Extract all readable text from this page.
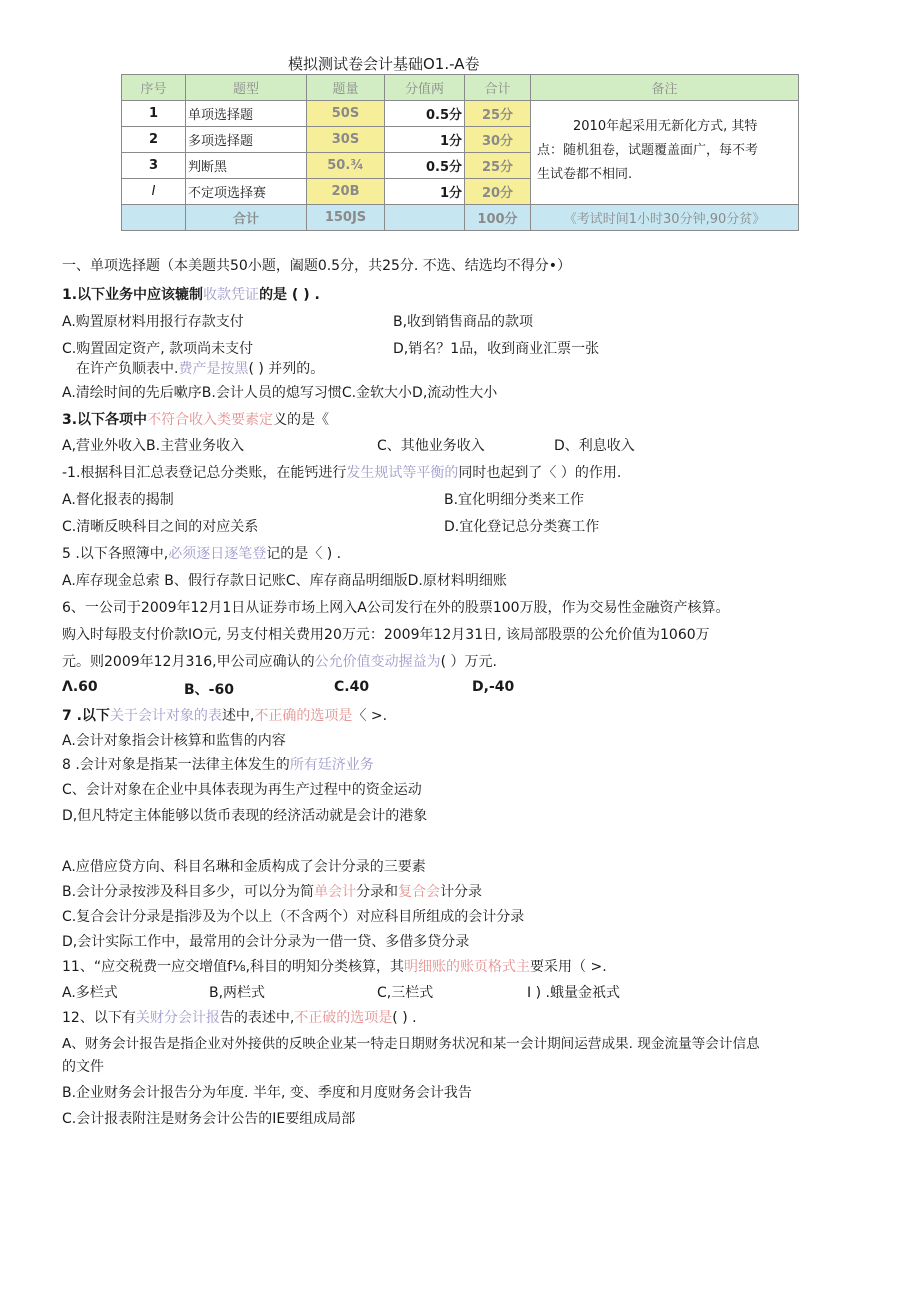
模拟测试卷会计基础O1.-A卷
序号	题型	题量	分值两	合计	备注
1	单项选择题	50S	0.5分	25分	2010年起采用无新化方式, 其特
点：随机狙卷，试题覆盖面广，每不考
生试卷都不相同.

2	多项选择题	30S	1分	30分	
3	判断黑	50.¾	0.5分	25分	
I	不定项选择赛	20B	1分	20分	
	合计	150JS		100分	《考试时间1小时30分钟,90分贫》
一、单项选择题（本美题共50小题，阖题0.5分，共25分. 不选、结选均不得分•）
1.以下业务中应该辘制收款凭证的是 ( ) .
A.购置原材料用报行存款支付	B,收到销售商品的款项
C.购置固定资产, 款项尚未支付	D,销名？1品，收到商业汇票一张
在许产负顺表中.费产是按黑( ) 并列的。
A.清绘时间的先后嗽序B.会计人员的熄写习惯C.金软大小D,流动性大小
3.以下各项中不符合收入类要素定义的是《
A,营业外收入B.主营业务收入	C、其他业务收入	D、利息收入
-1.根据科目汇总表登记总分类账，在能钙进行发生规试等平衡的同时也起到了〈 ）的作用.
A.督化报表的揭制	B.宜化明细分类来工作
C.清晰反映科目之间的对应关系	D.宜化登记总分类赛工作
5 .以下各照簿中,必须逐日逐笔登记的是〈 ) .
A.库存现金总索 B、假行存款日记账C、库存商品明细版D.原材料明细账
6、一公司于2009年12月1日从证券市场上网入A公司发行在外的股票100万股，作为交易性金融资产核算。
购入时每股支付价款IO元, 另支付相关费用20万元：2009年12月31日, 该局部股票的公允价值为1060万
元。则2009年12月316,甲公司应确认的公允价值变动握益为( ）万元.
Λ.60	B、-60	C.40	D,-40
7 .以下关于会计对象的表述中,不正确的选项是〈 >.
A.会计对象指会计核算和监售的内容
8 .会计对象是指某一法律主体发生的所有廷济业务
C、会计对象在企业中具体表现为再生产过程中的资金运动
D,但凡特定主体能够以货币表现的经济活动就是会计的港象
A.应借应贷方向、科目名琳和金质构成了会计分录的三要素
B.会计分录按涉及科目多少，可以分为简单会计分录和复合会计分录
C.复合会计分录是指涉及为个以上（不含两个）对应科目所组成的会计分录
D,会计实际工作中，最常用的会计分录为一借一贷、多借多贷分录
11、“应交税费一应交增值f⅛,科目的明知分类核算，其明细账的账页格式主要采用（ >.
A.多栏式	B,两栏式	C,三栏式	I ) .蛾量金祇式
12、以下有关财分会计报告的表述中,不正破的选项是( ) .
A、财务会计报告是指企业对外接供的反映企业某一特走日期财务状况和某一会计期间运营成果. 现金流量等会计信息
的文件
B.企业财务会计报告分为年度. 半年, 变、季度和月度财务会计我告
C.会计报表附注是财务会计公告的IE要组成局部
